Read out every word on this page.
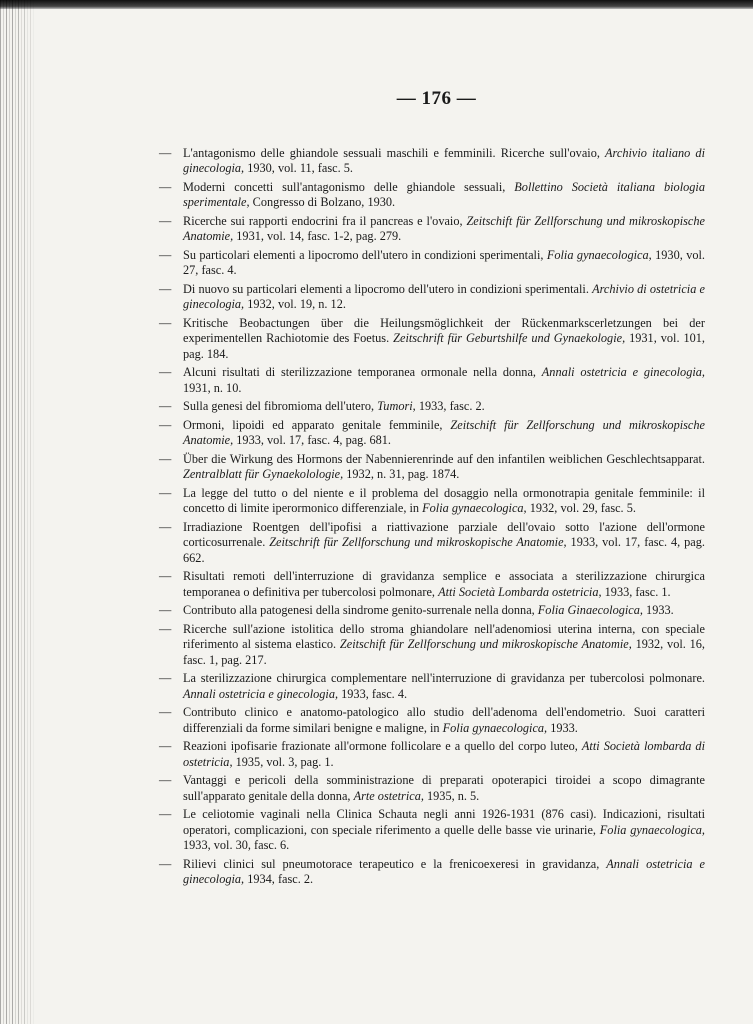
— 176 —
— L'antagonismo delle ghiandole sessuali maschili e femminili. Ricerche sull'ovaio, Archivio italiano di ginecologia, 1930, vol. 11, fasc. 5.
— Moderni concetti sull'antagonismo delle ghiandole sessuali, Bollettino Società italiana biologia sperimentale, Congresso di Bolzano, 1930.
— Ricerche sui rapporti endocrini fra il pancreas e l'ovaio, Zeitschift für Zellforschung und mikroskopische Anatomie, 1931, vol. 14, fasc. 1-2, pag. 279.
— Su particolari elementi a lipocromo dell'utero in condizioni sperimentali, Folia gynaecologica, 1930, vol. 27, fasc. 4.
— Di nuovo su particolari elementi a lipocromo dell'utero in condizioni sperimentali. Archivio di ostetricia e ginecologia, 1932, vol. 19, n. 12.
— Kritische Beobactungen über die Heilungsmöglichkeit der Rückenmarkscerletzungen bei der experimentellen Rachiotomie des Foetus. Zeitschrift für Geburtshilfe und Gynaekologie, 1931, vol. 101, pag. 184.
— Alcuni risultati di sterilizzazione temporanea ormonale nella donna, Annali ostetricia e ginecologia, 1931, n. 10.
— Sulla genesi del fibromioma dell'utero, Tumori, 1933, fasc. 2.
— Ormoni, lipoidi ed apparato genitale femminile, Zeitschift für Zellforschung und mikroskopische Anatomie, 1933, vol. 17, fasc. 4, pag. 681.
— Über die Wirkung des Hormons der Nabennierenrinde auf den infantilen weiblichen Geschlechtsapparat. Zentralblatt für Gynaekolologie, 1932, n. 31, pag. 1874.
— La legge del tutto o del niente e il problema del dosaggio nella ormonotrapia genitale femminile: il concetto di limite iperormonico differenziale, in Folia gynaecologica, 1932, vol. 29, fasc. 5.
— Irradiazione Roentgen dell'ipofisi a riattivazione parziale dell'ovaio sotto l'azione dell'ormone corticosurrenale. Zeitschrift für Zellforschung und mikroskopische Anatomie, 1933, vol. 17, fasc. 4, pag. 662.
— Risultati remoti dell'interruzione di gravidanza semplice e associata a sterilizzazione chirurgica temporanea o definitiva per tubercolosi polmonare, Atti Società Lombarda ostetricia, 1933, fasc. 1.
— Contributo alla patogenesi della sindrome genito-surrenale nella donna, Folia Ginaecologica, 1933.
— Ricerche sull'azione istolitica dello stroma ghiandolare nell'adenomiosi uterina interna, con speciale riferimento al sistema elastico. Zeitschift für Zellforschung und mikroskopische Anatomie, 1932, vol. 16, fasc. 1, pag. 217.
— La sterilizzazione chirurgica complementare nell'interruzione di gravidanza per tubercolosi polmonare. Annali ostetricia e ginecologia, 1933, fasc. 4.
— Contributo clinico e anatomo-patologico allo studio dell'adenoma dell'endometrio. Suoi caratteri differenziali da forme similari benigne e maligne, in Folia gynaecologica, 1933.
— Reazioni ipofisarie frazionate all'ormone follicolare e a quello del corpo luteo, Atti Società lombarda di ostetricia, 1935, vol. 3, pag. 1.
— Vantaggi e pericoli della somministrazione di preparati opoterapici tiroidei a scopo dimagrante sull'apparato genitale della donna, Arte ostetrica, 1935, n. 5.
— Le celiotomie vaginali nella Clinica Schauta negli anni 1926-1931 (876 casi). Indicazioni, risultati operatori, complicazioni, con speciale riferimento a quelle delle basse vie urinarie, Folia gynaecologica, 1933, vol. 30, fasc. 6.
— Rilievi clinici sul pneumotorace terapeutico e la frenicoexeresi in gravidanza, Annali ostetricia e ginecologia, 1934, fasc. 2.
